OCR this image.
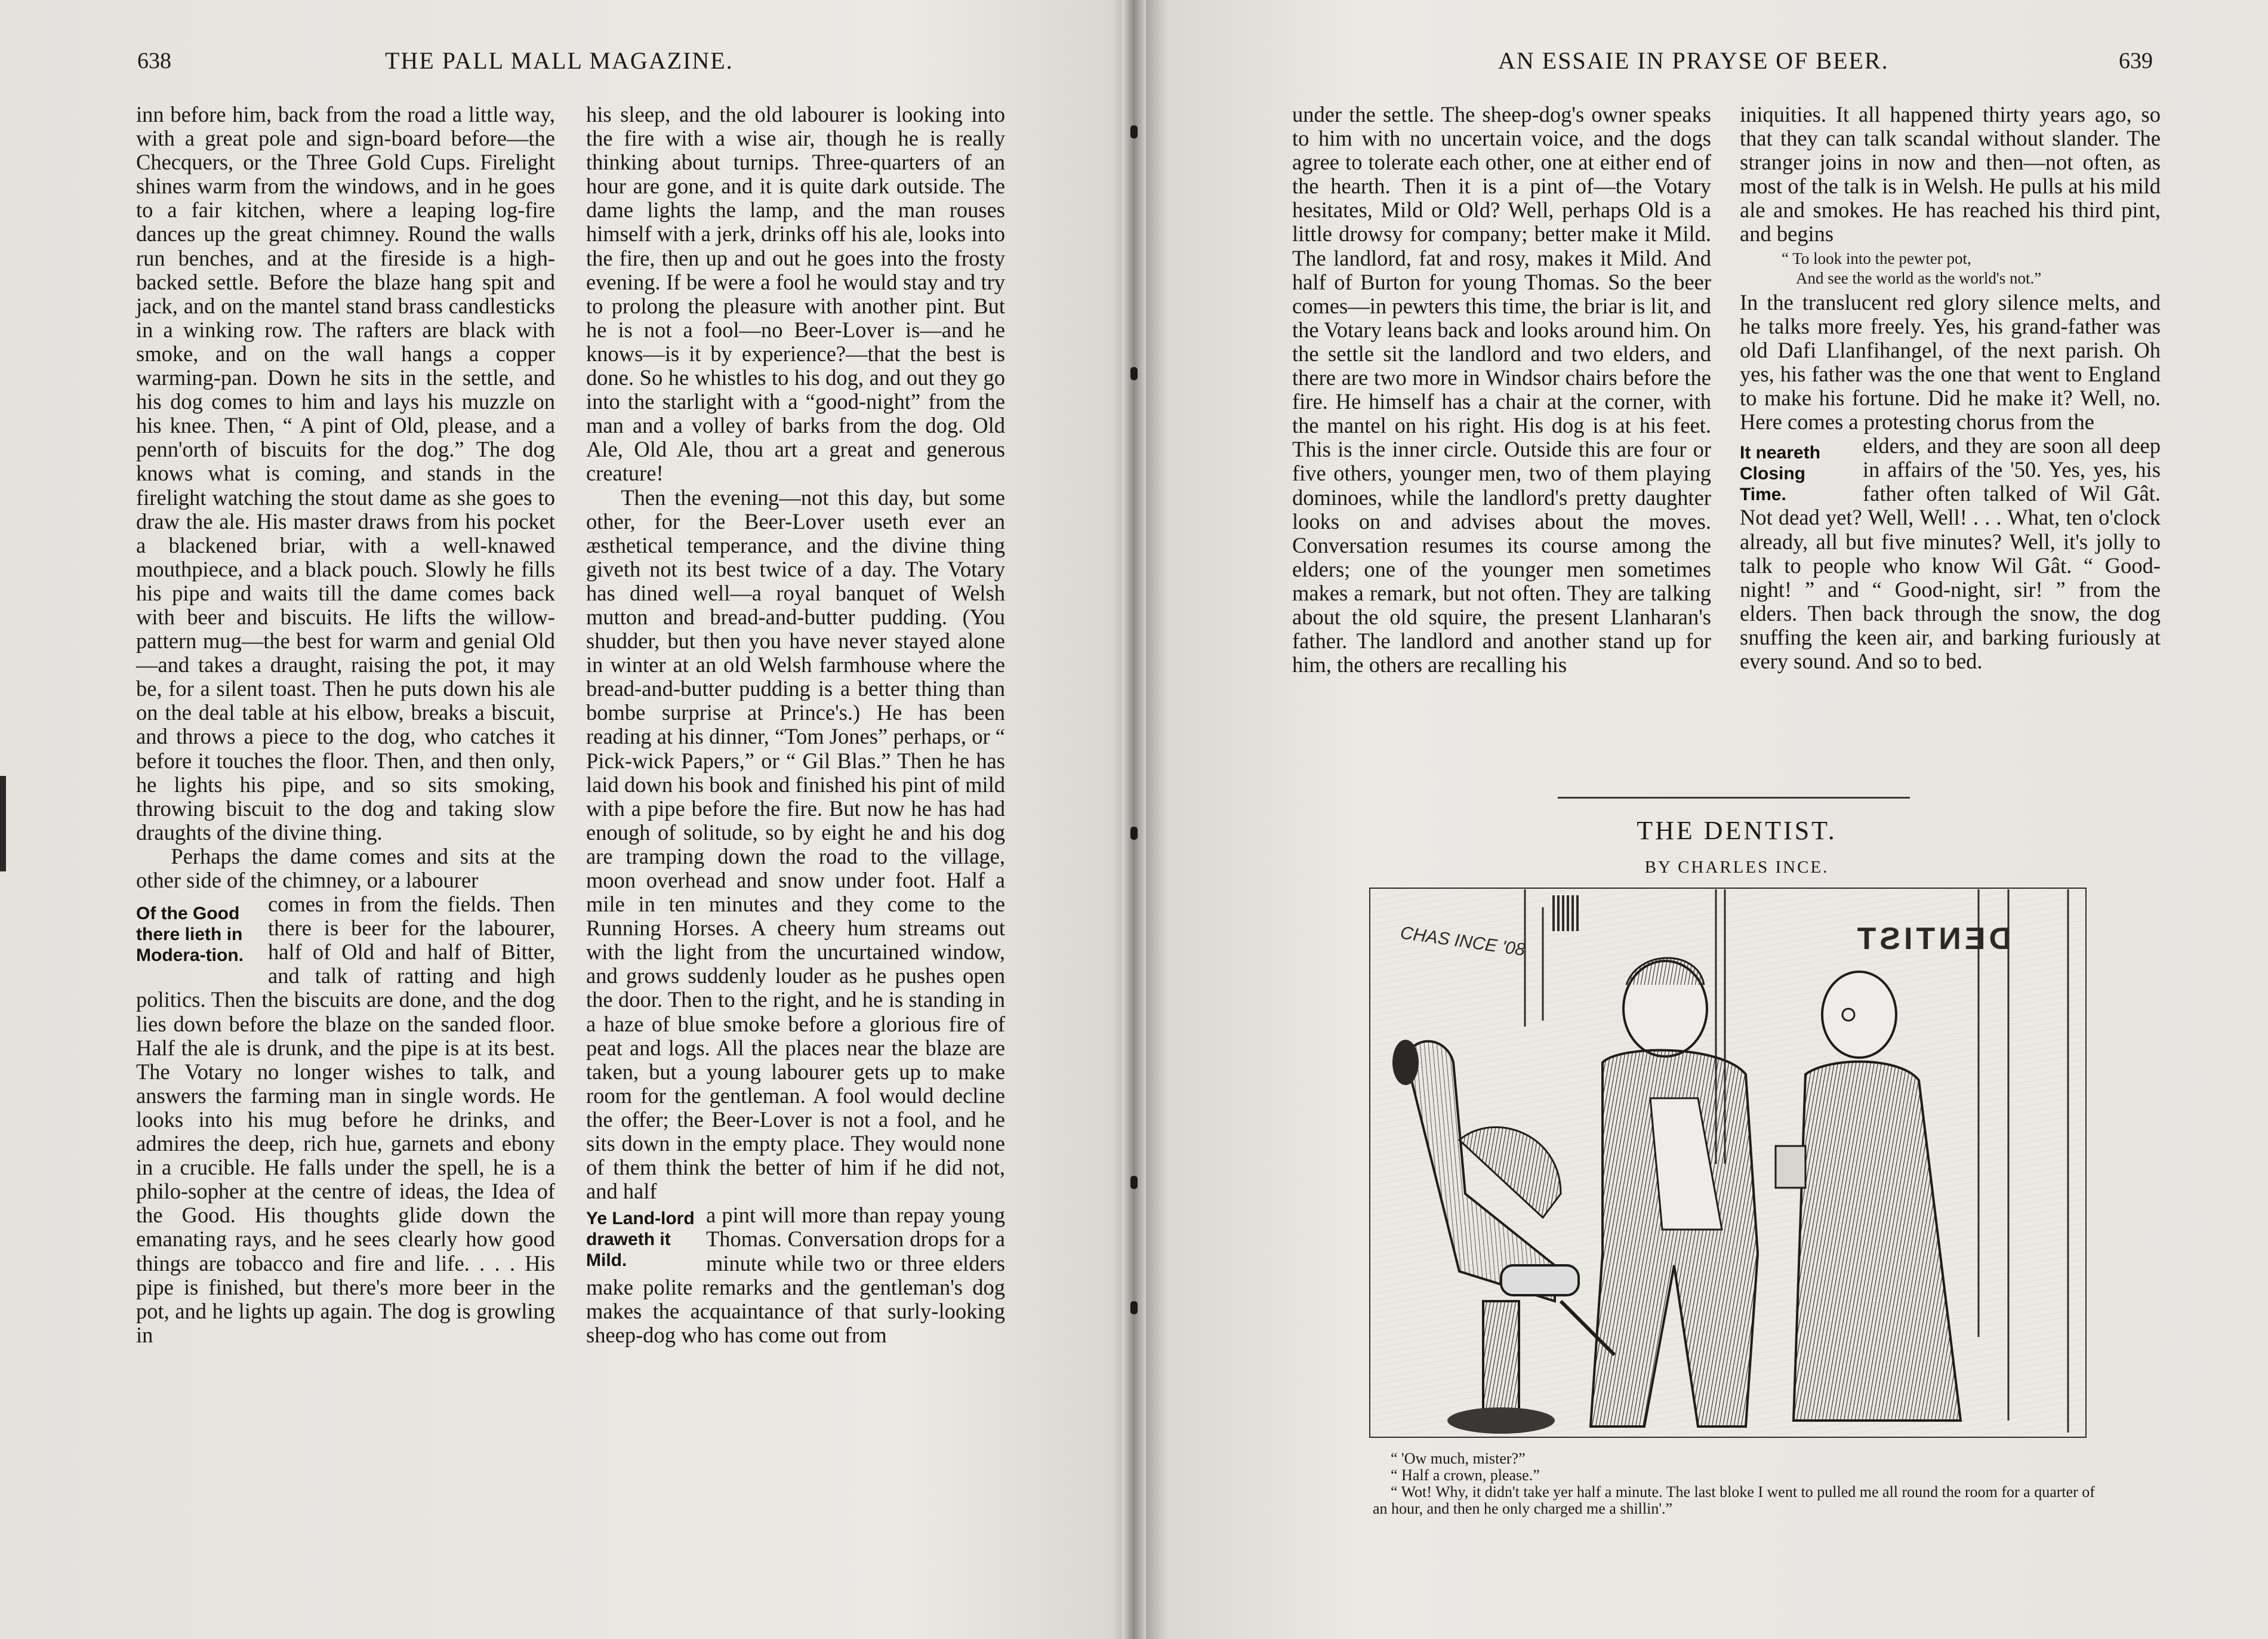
638	THE PALL MALL MAGAZINE.

inn before him, back from the road a little way, with a great pole and sign-board before—the Checquers, or the Three Gold Cups. Firelight shines warm from the windows, and in he goes to a fair kitchen, where a leaping log-fire dances up the great chimney. Round the walls run benches, and at the fireside is a high-backed settle. Before the blaze hang spit and jack, and on the mantel stand brass candlesticks in a winking row. The rafters are black with smoke, and on the wall hangs a copper warming-pan. Down he sits in the settle, and his dog comes to him and lays his muzzle on his knee. Then, “ A pint of Old, please, and a penn'orth of biscuits for the dog.” The dog knows what is coming, and stands in the firelight watching the stout dame as she goes to draw the ale. His master draws from his pocket a blackened briar, with a well-knawed mouthpiece, and a black pouch. Slowly he fills his pipe and waits till the dame comes back with beer and biscuits. He lifts the willow-pattern mug—the best for warm and genial Old—and takes a draught, raising the pot, it may be, for a silent toast. Then he puts down his ale on the deal table at his elbow, breaks a biscuit, and throws a piece to the dog, who catches it before it touches the floor. Then, and then only, he lights his pipe, and so sits smoking, throwing biscuit to the dog and taking slow draughts of the divine thing.

Perhaps the dame comes and sits at the other side of the chimney, or a labourer

Of the Good there lieth in Modera-tion.

comes in from the fields. Then there is beer for the labourer, half of Old and half of Bitter, and talk of ratting and high politics. Then the biscuits are done, and the dog lies down before the blaze on the sanded floor. Half the ale is drunk, and the pipe is at its best. The Votary no longer wishes to talk, and answers the farming man in single words. He looks into his mug before he drinks, and admires the deep, rich hue, garnets and ebony in a crucible. He falls under the spell, he is a philo-sopher at the centre of ideas, the Idea of the Good. His thoughts glide down the emanating rays, and he sees clearly how good things are tobacco and fire and life. . . . His pipe is finished, but there's more beer in the pot, and he lights up again. The dog is growling in

his sleep, and the old labourer is looking into the fire with a wise air, though he is really thinking about turnips. Three-quarters of an hour are gone, and it is quite dark outside. The dame lights the lamp, and the man rouses himself with a jerk, drinks off his ale, looks into the fire, then up and out he goes into the frosty evening. If be were a fool he would stay and try to prolong the pleasure with another pint. But he is not a fool—no Beer-Lover is—and he knows—is it by experience?—that the best is done. So he whistles to his dog, and out they go into the starlight with a “good-night” from the man and a volley of barks from the dog. Old Ale, Old Ale, thou art a great and generous creature!

Then the evening—not this day, but some other, for the Beer-Lover useth ever an æsthetical temperance, and the divine thing giveth not its best twice of a day. The Votary has dined well—a royal banquet of Welsh mutton and bread-and-butter pudding. (You shudder, but then you have never stayed alone in winter at an old Welsh farmhouse where the bread-and-butter pudding is a better thing than bombe surprise at Prince's.) He has been reading at his dinner, “Tom Jones” perhaps, or “ Pick-wick Papers,” or “ Gil Blas.” Then he has laid down his book and finished his pint of mild with a pipe before the fire. But now he has had enough of solitude, so by eight he and his dog are tramping down the road to the village, moon overhead and snow under foot. Half a mile in ten minutes and they come to the Running Horses. A cheery hum streams out with the light from the uncurtained window, and grows suddenly louder as he pushes open the door. Then to the right, and he is standing in a haze of blue smoke before a glorious fire of peat and logs. All the places near the blaze are taken, but a young labourer gets up to make room for the gentleman. A fool would decline the offer; the Beer-Lover is not a fool, and he sits down in the empty place. They would none of them think the better of him if he did not, and half

Ye Land-lord draweth it Mild.

a pint will more than repay young Thomas. Conversation drops for a minute while two or three elders make polite remarks and the gentleman's dog makes the acquaintance of that surly-looking sheep-dog who has come out from

AN ESSAIE IN PRAYSE OF BEER.	639

under the settle. The sheep-dog's owner speaks to him with no uncertain voice, and the dogs agree to tolerate each other, one at either end of the hearth. Then it is a pint of—the Votary hesitates, Mild or Old? Well, perhaps Old is a little drowsy for company; better make it Mild. The landlord, fat and rosy, makes it Mild. And half of Burton for young Thomas. So the beer comes—in pewters this time, the briar is lit, and the Votary leans back and looks around him. On the settle sit the landlord and two elders, and there are two more in Windsor chairs before the fire. He himself has a chair at the corner, with the mantel on his right. His dog is at his feet. This is the inner circle. Outside this are four or five others, younger men, two of them playing dominoes, while the landlord's pretty daughter looks on and advises about the moves. Conversation resumes its course among the elders; one of the younger men sometimes makes a remark, but not often. They are talking about the old squire, the present Llanharan's father. The landlord and another stand up for him, the others are recalling his

iniquities. It all happened thirty years ago, so that they can talk scandal without slander. The stranger joins in now and then—not often, as most of the talk is in Welsh. He pulls at his mild ale and smokes. He has reached his third pint, and begins

“ To look into the pewter pot,
And see the world as the world's not.”

In the translucent red glory silence melts, and he talks more freely. Yes, his grand-father was old Dafi Llanfihangel, of the next parish. Oh yes, his father was the one that went to England to make his fortune. Did he make it? Well, no. Here comes a protesting chorus from the

It neareth Closing Time.

elders, and they are soon all deep in affairs of the '50. Yes, yes, his father often talked of Wil Gât. Not dead yet? Well, Well! . . . What, ten o'clock already, all but five minutes? Well, it's jolly to talk to people who know Wil Gât. “ Good-night! ” and “ Good-night, sir! ” from the elders. Then back through the snow, the dog snuffing the keen air, and barking furiously at every sound. And so to bed.

THE DENTIST.
BY CHARLES INCE.
DENTIST
CHAS INCE '08
“ 'Ow much, mister?”
“ Half a crown, please.”
“ Wot! Why, it didn't take yer half a minute. The last bloke I went to pulled me all round the room for a quarter of an hour, and then he only charged me a shillin'.”
